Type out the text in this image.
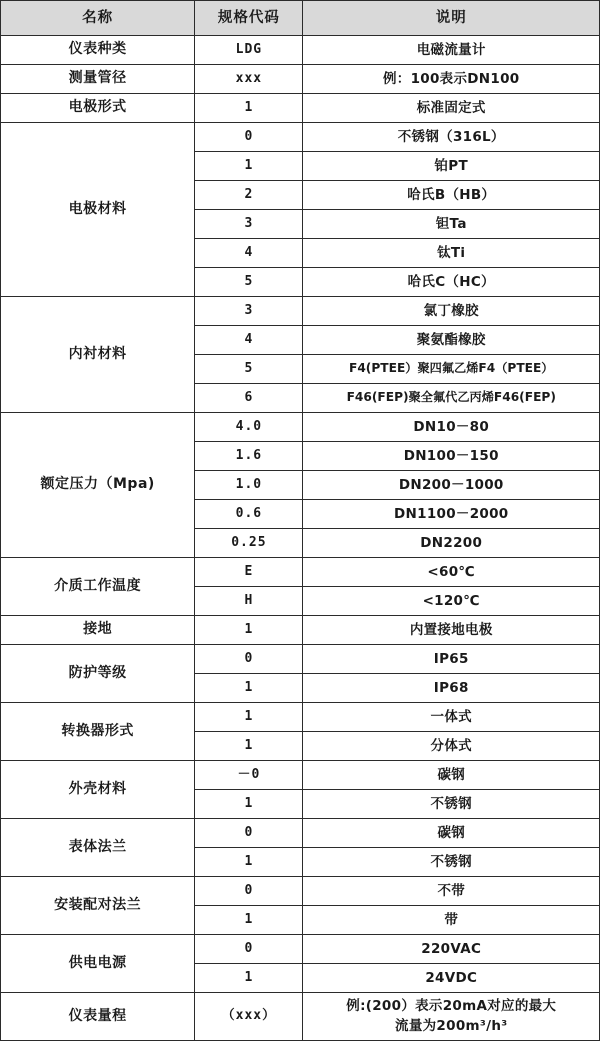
名称	规格代码	说明
仪表种类	LDG	电磁流量计
测量管径	xxx	例：100表示DN100
电极形式	1	标准固定式
电极材料	0	不锈钢（316L）
	1	铂PT
	2	哈氏B（HB）
	3	钽Ta
	4	钛Ti
	5	哈氏C（HC）
内衬材料	3	氯丁橡胶
	4	聚氨酯橡胶
	5	F4(PTEE）聚四氟乙烯F4（PTEE）
	6	F46(FEP)聚全氟代乙丙烯F46(FEP)
额定压力（Mpa)	4.0	DN10－80
	1.6	DN100－150
	1.0	DN200－1000
	0.6	DN1100－2000
	0.25	DN2200
介质工作温度	E	<60℃
	H	<120℃
接地	1	内置接地电极
防护等级	0	IP65
	1	IP68
转换器形式	1	一体式
	1	分体式
外壳材料	－0	碳钢
	1	不锈钢
表体法兰	0	碳钢
	1	不锈钢
安装配对法兰	0	不带
	1	带
供电电源	0	220VAC
	1	24VDC
仪表量程	（xxx）	例:(200）表示20mA对应的最大
流量为200m³/h³
